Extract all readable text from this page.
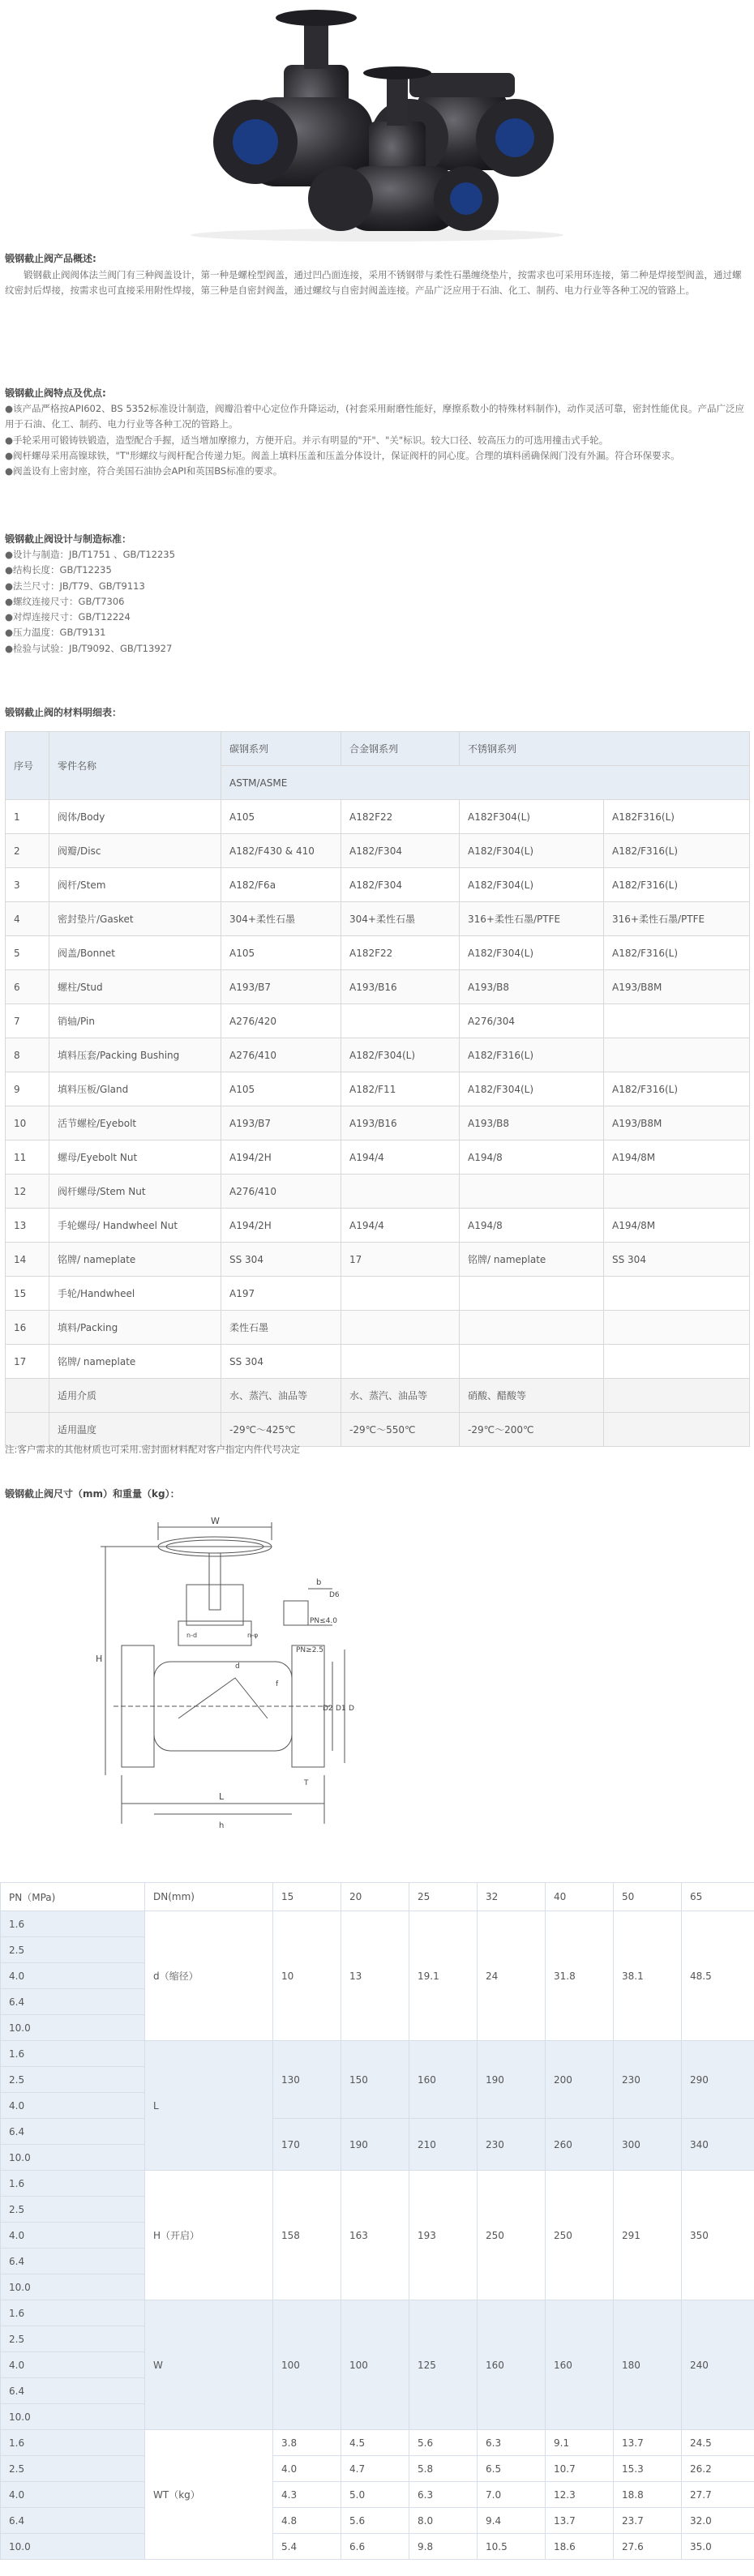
锻钢截止阀产品概述:
锻钢截止阀阀体法兰阀门有三种阀盖设计，第一种是螺栓型阀盖，通过凹凸面连接，采用不锈钢带与柔性石墨缠绕垫片，按需求也可采用环连接，第二种是焊接型阀盖，通过螺纹密封后焊接，按需求也可直接采用附性焊接，第三种是自密封阀盖，通过螺纹与自密封阀盖连接。产品广泛应用于石油、化工、制药、电力行业等各种工况的管路上。
锻钢截止阀特点及优点:
●该产品严格按API602、BS 5352标准设计制造，阀瓣沿着中心定位作升降运动，(衬套采用耐磨性能好，摩擦系数小的特殊材料制作)，动作灵活可靠，密封性能优良。产品广泛应用于石油、化工、制药、电力行业等各种工况的管路上。
●手轮采用可锻铸铁锻造，造型配合手握，适当增加摩擦力，方便开启。并示有明显的"开"、"关"标识。较大口径、较高压力的可选用撞击式手轮。
●阀杆螺母采用高镍球铁，"T"形螺纹与阀杆配合传递力矩。阀盖上填料压盖和压盖分体设计，保证阀杆的同心度。合理的填料函确保阀门没有外漏。符合环保要求。
●阀盖设有上密封座，符合美国石油协会API和英国BS标准的要求。
锻钢截止阀设计与制造标准：
●设计与制造：JB/T1751 、GB/T12235
●结构长度：GB/T12235
●法兰尺寸：JB/T79、GB/T9113
●螺纹连接尺寸：GB/T7306
●对焊连接尺寸：GB/T12224
●压力温度：GB/T9131
●检验与试验：JB/T9092、GB/T13927
锻钢截止阀的材料明细表：
序号	零件名称	碳钢系列	合金钢系列	不锈钢系列	
		ASTM/ASME			
1	阀体/Body	A105	A182F22	A182F304(L)	A182F316(L)
2	阀瓣/Disc	A182/F430 & 410	A182/F304	A182/F304(L)	A182/F316(L)
3	阀杆/Stem	A182/F6a	A182/F304	A182/F304(L)	A182/F316(L)
4	密封垫片/Gasket	304+柔性石墨	304+柔性石墨	316+柔性石墨/PTFE	316+柔性石墨/PTFE
5	阀盖/Bonnet	A105	A182F22	A182/F304(L)	A182/F316(L)
6	螺柱/Stud	A193/B7	A193/B16	A193/B8	A193/B8M
7	销轴/Pin	A276/420		A276/304	
8	填料压套/Packing Bushing	A276/410	A182/F304(L)	A182/F316(L)	
9	填料压板/Gland	A105	A182/F11	A182/F304(L)	A182/F316(L)
10	活节螺栓/Eyebolt	A193/B7	A193/B16	A193/B8	A193/B8M
11	螺母/Eyebolt Nut	A194/2H	A194/4	A194/8	A194/8M
12	阀杆螺母/Stem Nut	A276/410			
13	手轮螺母/ Handwheel Nut	A194/2H	A194/4	A194/8	A194/8M
14	铭牌/ nameplate	SS 304	17	铭牌/ nameplate	SS 304
15	手轮/Handwheel	A197			
16	填料/Packing	柔性石墨			
17	铭牌/ nameplate	SS 304			
	适用介质	水、蒸汽、油品等	水、蒸汽、油品等	硝酸、醋酸等	
	适用温度	-29℃～425℃	-29℃～550℃	-29℃～200℃	
注:客户需求的其他材质也可采用.密封面材料配对客户指定内件代号决定
锻钢截止阀尺寸（mm）和重量（kg）：
W
H
L
h
b
D6
PN≤4.0
PN≥2.5
D1
D2 D
f
T
d
n-φ
n-d
PN（MPa)	DN(mm)	15	20	25	32	40	50	65
1.6	d（缩径）	10	13	19.1	24	31.8	38.1	48.5
2.5								
4.0								
6.4								
10.0								
1.6	L	130	150	160	190	200	230	290
2.5								
4.0								
6.4		170	190	210	230	260	300	340
10.0								
1.6	H（开启）	158	163	193	250	250	291	350
2.5								
4.0								
6.4								
10.0								
1.6	W	100	100	125	160	160	180	240
2.5								
4.0								
6.4								
10.0								
1.6	WT（kg）	3.8	4.5	5.6	6.3	9.1	13.7	24.5
2.5		4.0	4.7	5.8	6.5	10.7	15.3	26.2
4.0		4.3	5.0	6.3	7.0	12.3	18.8	27.7
6.4		4.8	5.6	8.0	9.4	13.7	23.7	32.0
10.0		5.4	6.6	9.8	10.5	18.6	27.6	35.0
